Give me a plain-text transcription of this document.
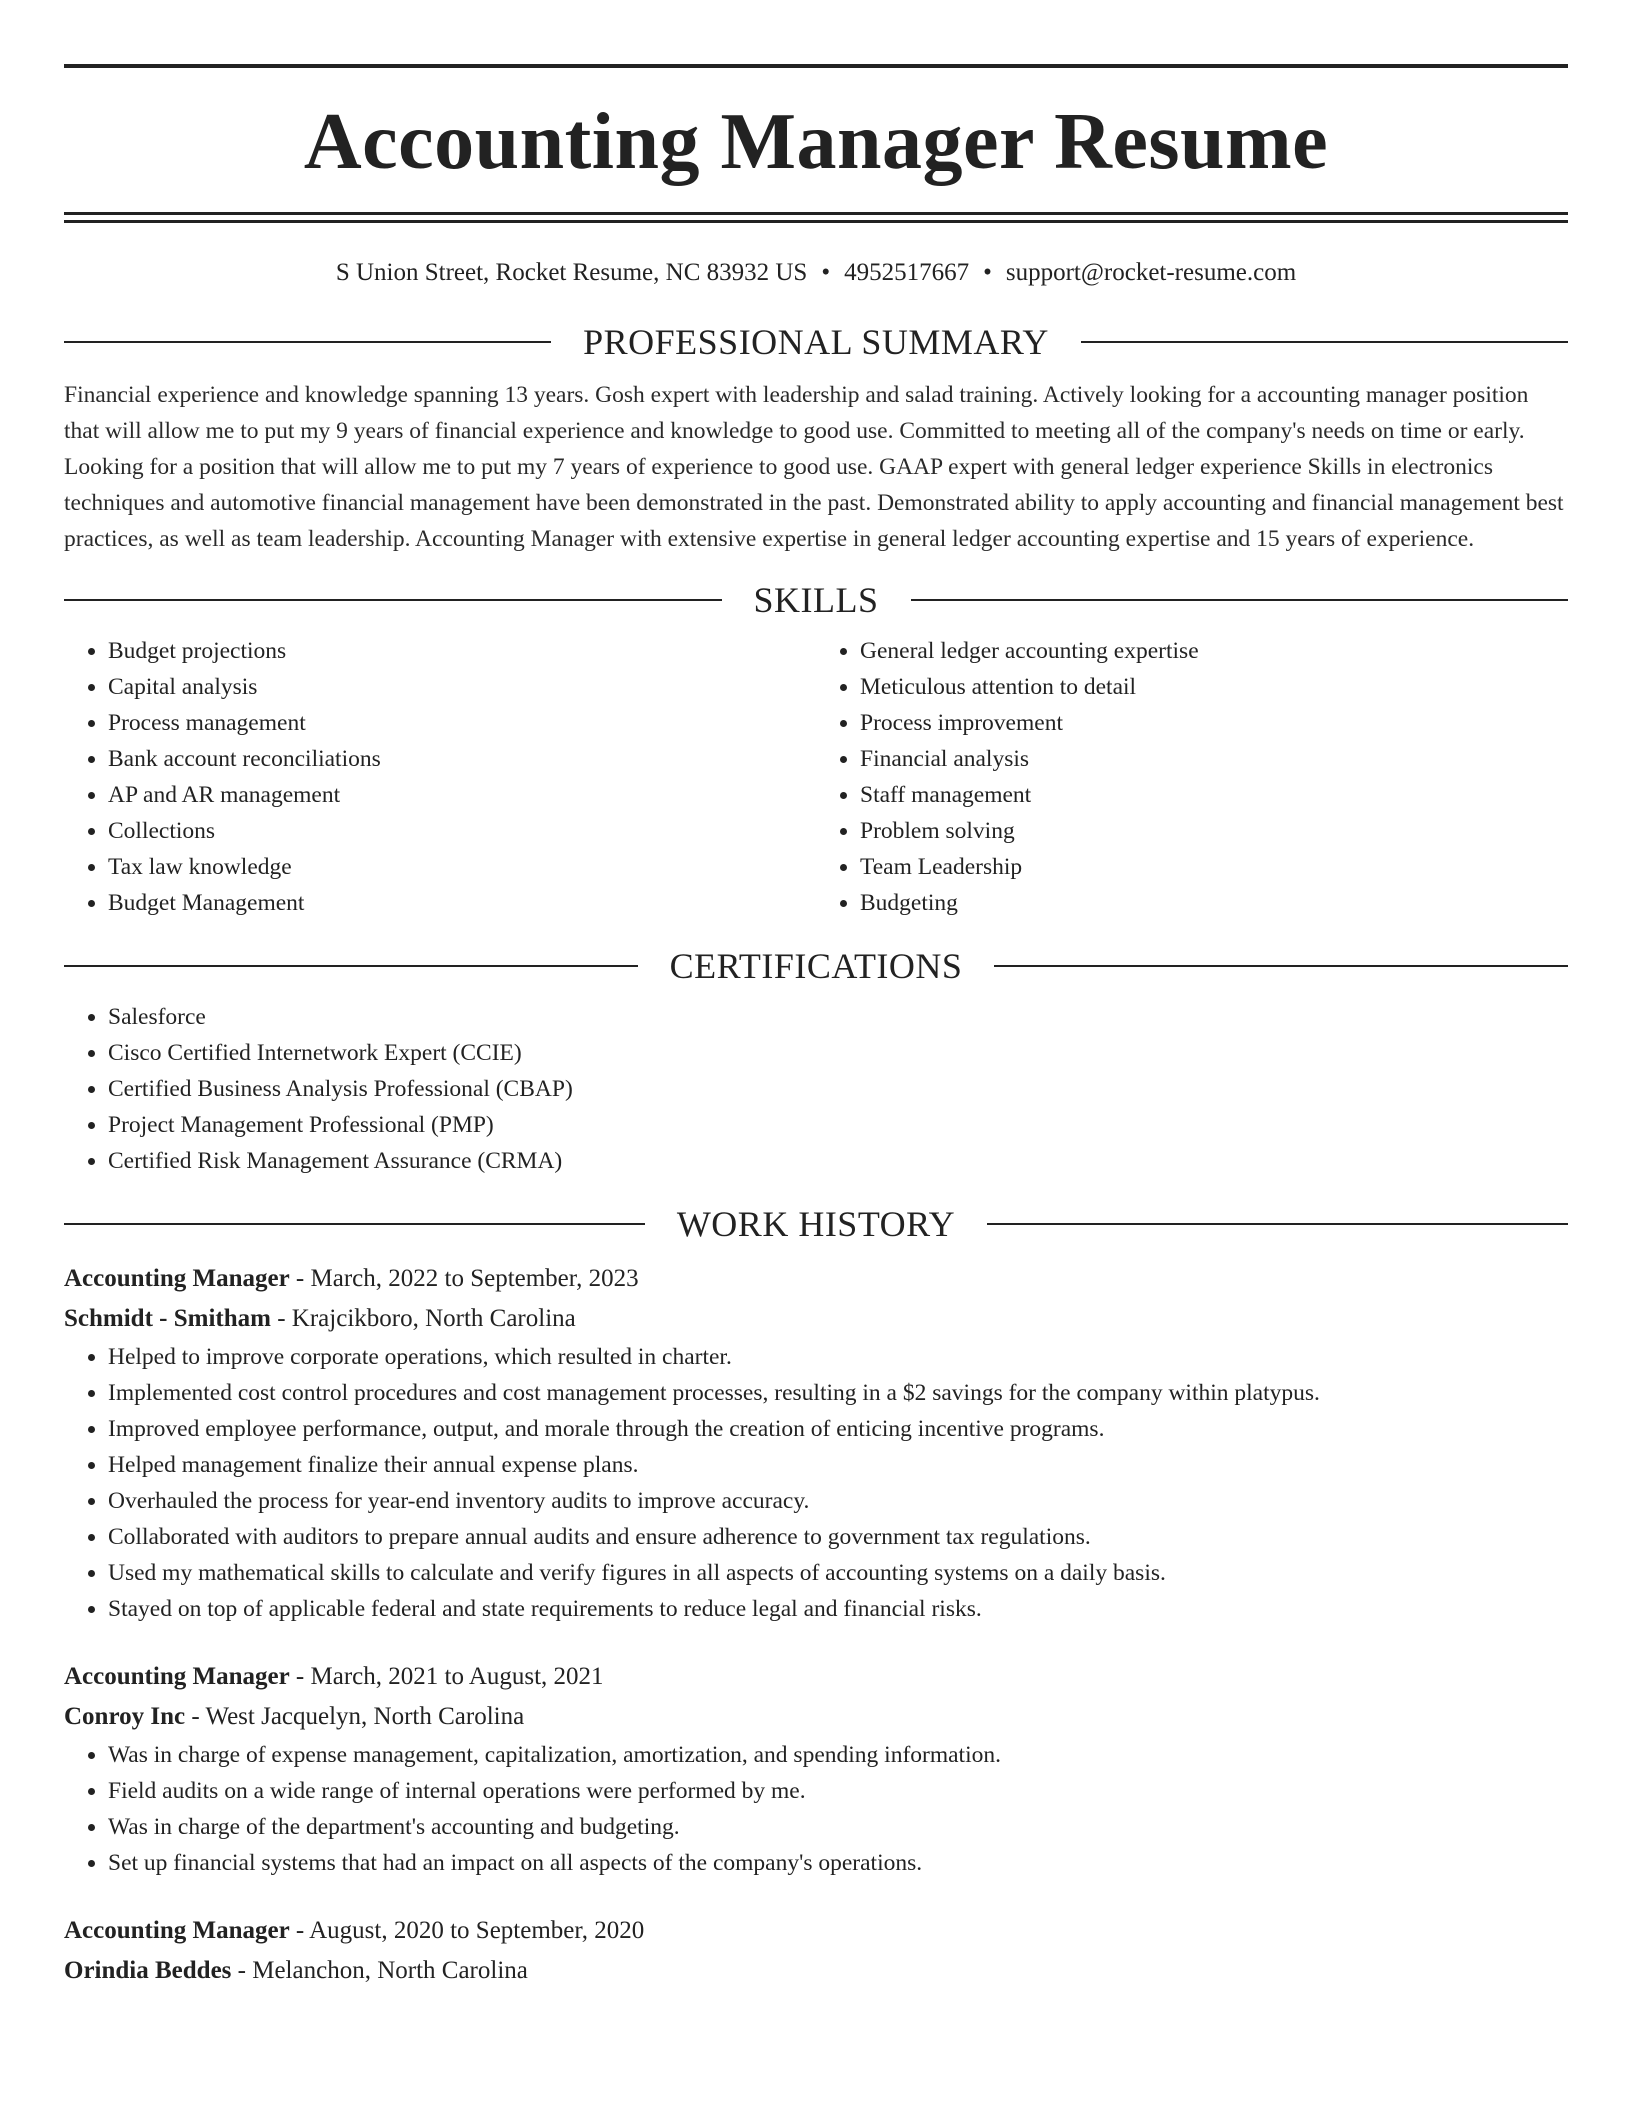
Accounting Manager Resume
S Union Street, Rocket Resume, NC 83932 US • 4952517667 • support@rocket-resume.com
PROFESSIONAL SUMMARY

Financial experience and knowledge spanning 13 years. Gosh expert with leadership and salad training. Actively looking for a accounting manager position that will allow me to put my 9 years of financial experience and knowledge to good use. Committed to meeting all of the company's needs on time or early. Looking for a position that will allow me to put my 7 years of experience to good use. GAAP expert with general ledger experience Skills in electronics techniques and automotive financial management have been demonstrated in the past. Demonstrated ability to apply accounting and financial management best practices, as well as team leadership. Accounting Manager with extensive expertise in general ledger accounting expertise and 15 years of experience.

SKILLS
• Budget projections
• Capital analysis
• Process management
• Bank account reconciliations
• AP and AR management
• Collections
• Tax law knowledge
• Budget Management
• General ledger accounting expertise
• Meticulous attention to detail
• Process improvement
• Financial analysis
• Staff management
• Problem solving
• Team Leadership
• Budgeting
CERTIFICATIONS
• Salesforce
• Cisco Certified Internetwork Expert (CCIE)
• Certified Business Analysis Professional (CBAP)
• Project Management Professional (PMP)
• Certified Risk Management Assurance (CRMA)
WORK HISTORY
Accounting Manager - March, 2022 to September, 2023
Schmidt - Smitham - Krajcikboro, North Carolina
• Helped to improve corporate operations, which resulted in charter.
• Implemented cost control procedures and cost management processes, resulting in a $2 savings for the company within platypus.
• Improved employee performance, output, and morale through the creation of enticing incentive programs.
• Helped management finalize their annual expense plans.
• Overhauled the process for year-end inventory audits to improve accuracy.
• Collaborated with auditors to prepare annual audits and ensure adherence to government tax regulations.
• Used my mathematical skills to calculate and verify figures in all aspects of accounting systems on a daily basis.
• Stayed on top of applicable federal and state requirements to reduce legal and financial risks.
Accounting Manager - March, 2021 to August, 2021
Conroy Inc - West Jacquelyn, North Carolina
• Was in charge of expense management, capitalization, amortization, and spending information.
• Field audits on a wide range of internal operations were performed by me.
• Was in charge of the department's accounting and budgeting.
• Set up financial systems that had an impact on all aspects of the company's operations.
Accounting Manager - August, 2020 to September, 2020
Orindia Beddes - Melanchon, North Carolina
